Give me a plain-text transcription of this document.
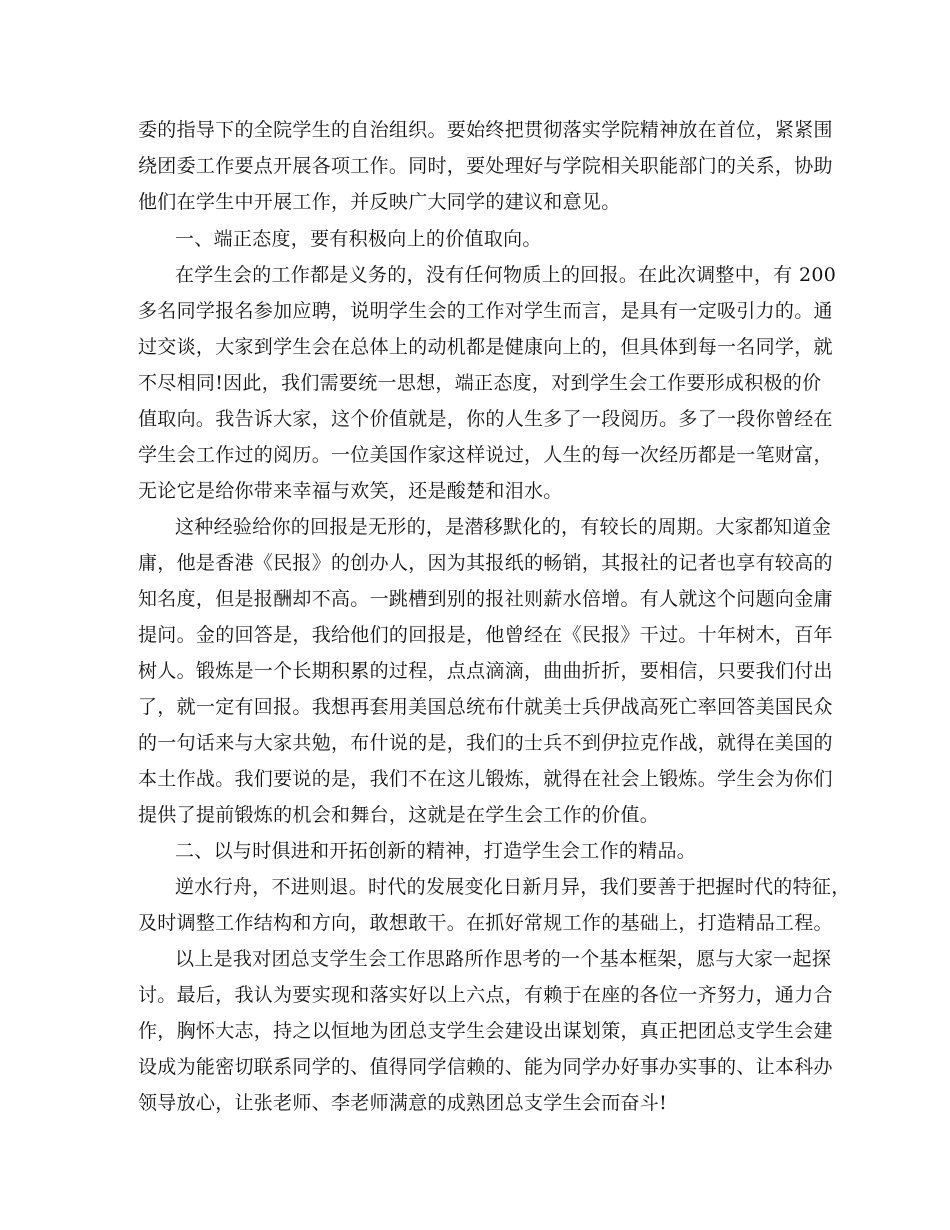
委的指导下的全院学生的自治组织。要始终把贯彻落实学院精神放在首位，紧紧围
绕团委工作要点开展各项工作。同时，要处理好与学院相关职能部门的关系，协助
他们在学生中开展工作，并反映广大同学的建议和意见。
一、端正态度，要有积极向上的价值取向。
在学生会的工作都是义务的，没有任何物质上的回报。在此次调整中，有 200
多名同学报名参加应聘，说明学生会的工作对学生而言，是具有一定吸引力的。通
过交谈，大家到学生会在总体上的动机都是健康向上的，但具体到每一名同学，就
不尽相同!因此，我们需要统一思想，端正态度，对到学生会工作要形成积极的价
值取向。我告诉大家，这个价值就是，你的人生多了一段阅历。多了一段你曾经在
学生会工作过的阅历。一位美国作家这样说过，人生的每一次经历都是一笔财富，
无论它是给你带来幸福与欢笑，还是酸楚和泪水。
这种经验给你的回报是无形的，是潜移默化的，有较长的周期。大家都知道金
庸，他是香港《民报》的创办人，因为其报纸的畅销，其报社的记者也享有较高的
知名度，但是报酬却不高。一跳槽到别的报社则薪水倍增。有人就这个问题向金庸
提问。金的回答是，我给他们的回报是，他曾经在《民报》干过。十年树木，百年
树人。锻炼是一个长期积累的过程，点点滴滴，曲曲折折，要相信，只要我们付出
了，就一定有回报。我想再套用美国总统布什就美士兵伊战高死亡率回答美国民众
的一句话来与大家共勉，布什说的是，我们的士兵不到伊拉克作战，就得在美国的
本土作战。我们要说的是，我们不在这儿锻炼，就得在社会上锻炼。学生会为你们
提供了提前锻炼的机会和舞台，这就是在学生会工作的价值。
二、以与时俱进和开拓创新的精神，打造学生会工作的精品。
逆水行舟，不进则退。时代的发展变化日新月异，我们要善于把握时代的特征，
及时调整工作结构和方向，敢想敢干。在抓好常规工作的基础上，打造精品工程。
以上是我对团总支学生会工作思路所作思考的一个基本框架，愿与大家一起探
讨。最后，我认为要实现和落实好以上六点，有赖于在座的各位一齐努力，通力合
作，胸怀大志，持之以恒地为团总支学生会建设出谋划策，真正把团总支学生会建
设成为能密切联系同学的、值得同学信赖的、能为同学办好事办实事的、让本科办
领导放心，让张老师、李老师满意的成熟团总支学生会而奋斗!
